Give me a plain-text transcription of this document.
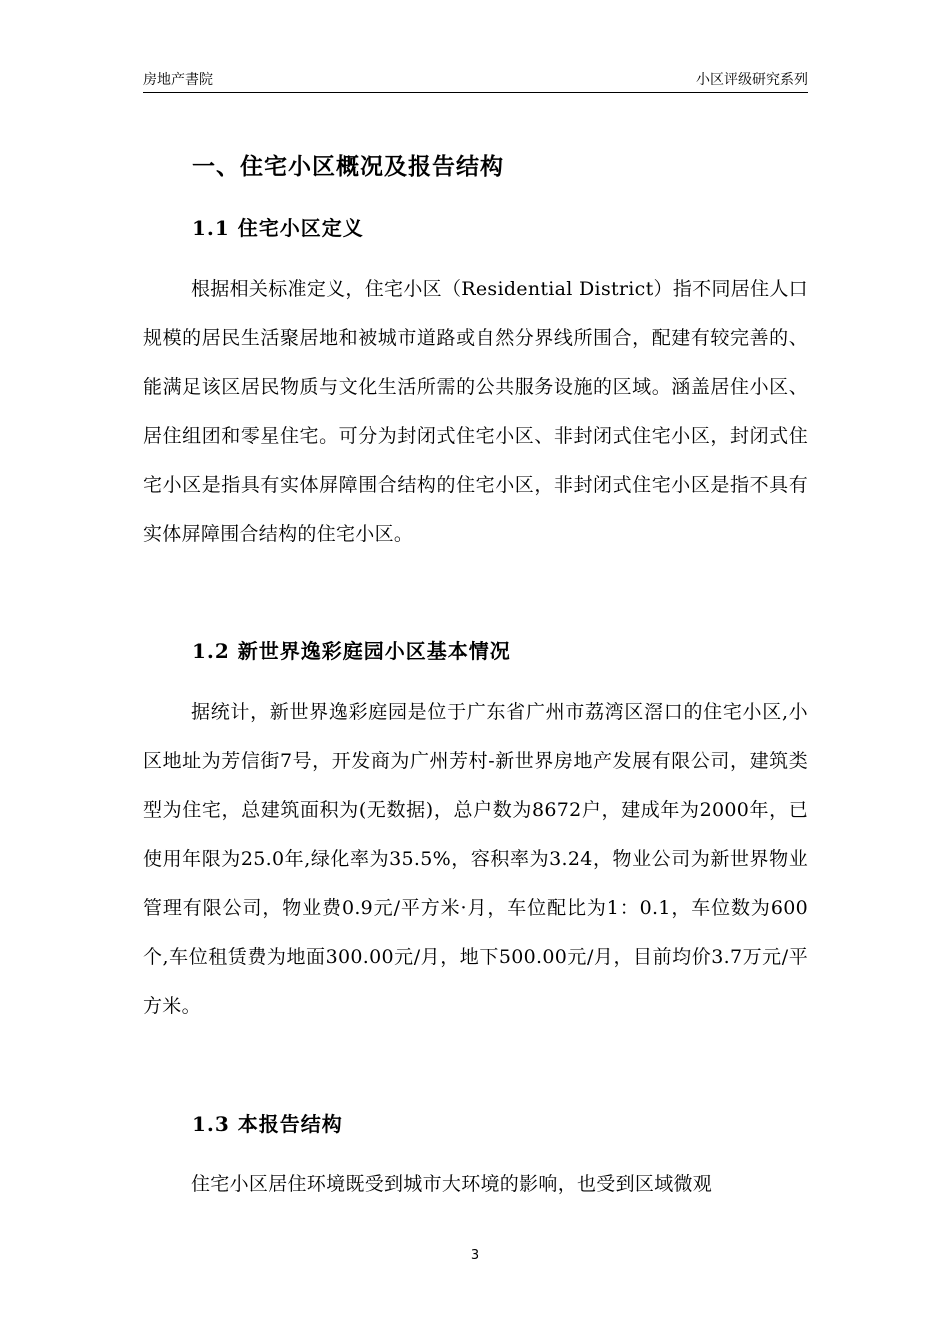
房地产書院	小区评级研究系列
一、住宅小区概况及报告结构
1.1 住宅小区定义

根据相关标准定义，住宅小区（Residential District）指不同居住人口规模的居民生活聚居地和被城市道路或自然分界线所围合，配建有较完善的、能满足该区居民物质与文化生活所需的公共服务设施的区域。涵盖居住小区、居住组团和零星住宅。可分为封闭式住宅小区、非封闭式住宅小区，封闭式住宅小区是指具有实体屏障围合结构的住宅小区，非封闭式住宅小区是指不具有实体屏障围合结构的住宅小区。

1.2 新世界逸彩庭园小区基本情况

据统计，新世界逸彩庭园是位于广东省广州市荔湾区滘口的住宅小区,小区地址为芳信街7号，开发商为广州芳村-新世界房地产发展有限公司，建筑类型为住宅，总建筑面积为(无数据)，总户数为8672户，建成年为2000年，已使用年限为25.0年,绿化率为35.5%，容积率为3.24，物业公司为新世界物业管理有限公司，物业费0.9元/平方米·月，车位配比为1：0.1，车位数为600个,车位租赁费为地面300.00元/月，地下500.00元/月，目前均价3.7万元/平方米。

1.3 本报告结构

住宅小区居住环境既受到城市大环境的影响，也受到区域微观

3
